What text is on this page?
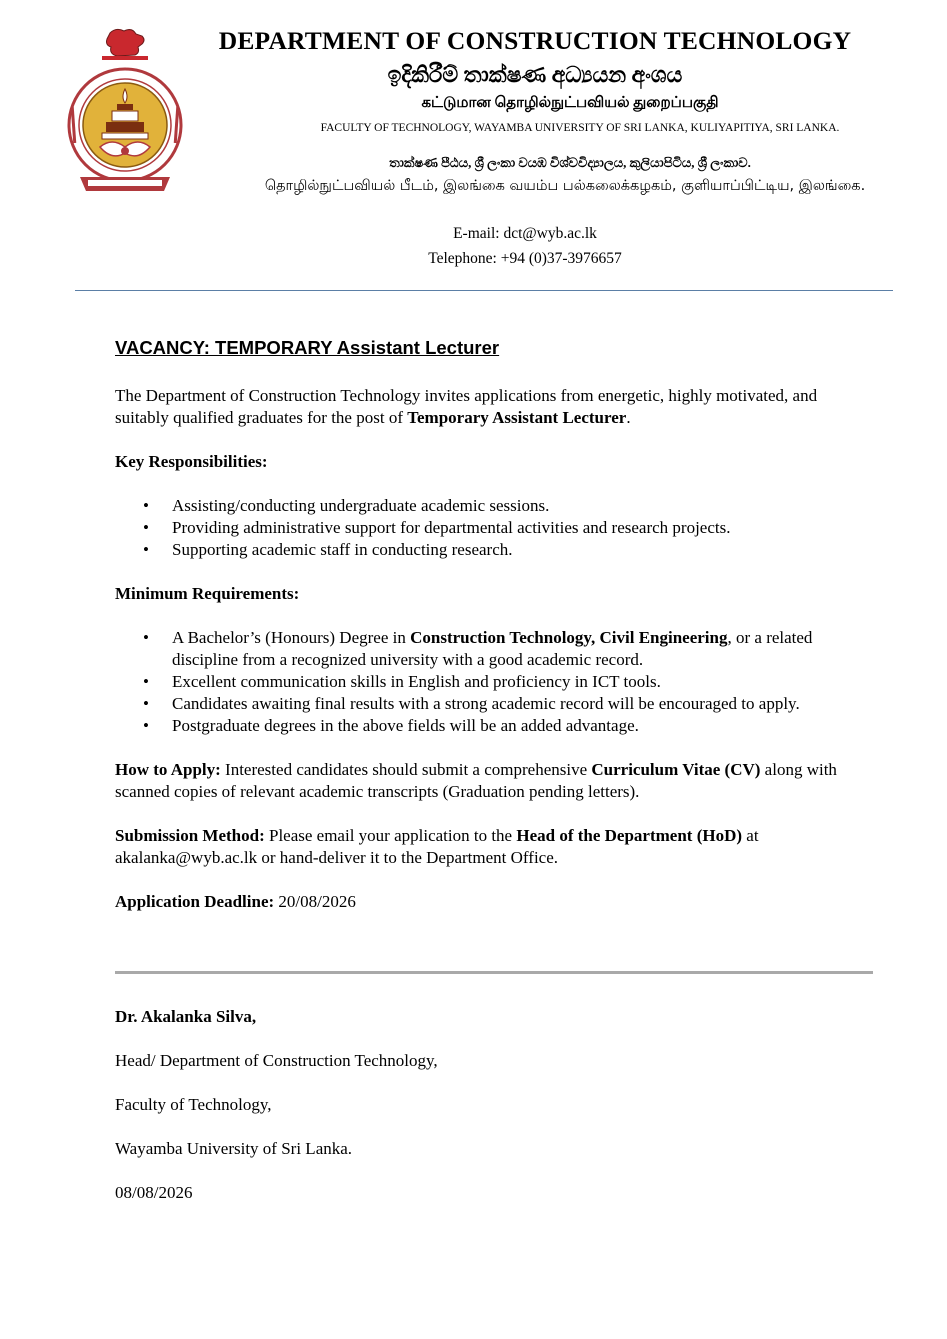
DEPARTMENT OF CONSTRUCTION TECHNOLOGY

ඉදිකිරීම් තාක්ෂණ අධ්‍යයන අංශය

கட்டுமான தொழில்நுட்பவியல் துறைப்பகுதி

FACULTY OF TECHNOLOGY, WAYAMBA UNIVERSITY OF SRI LANKA, KULIYAPITIYA, SRI LANKA.

තාක්ෂණ පීඨය, ශ්‍රී ලංකා වයඹ විශ්වවිද්‍යාලය, කුලියාපිටිය, ශ්‍රී ලංකාව.

தொழில்நுட்பவியல் பீடம், இலங்கை வயம்ப பல்கலைக்கழகம், குளியாப்பிட்டிய, இலங்கை.

E-mail: dct@wyb.ac.lk

Telephone: +94 (0)37-3976657

VACANCY: TEMPORARY Assistant Lecturer

The Department of Construction Technology invites applications from energetic, highly motivated, and suitably qualified graduates for the post of Temporary Assistant Lecturer.

Key Responsibilities:

• Assisting/conducting undergraduate academic sessions.
• Providing administrative support for departmental activities and research projects.
• Supporting academic staff in conducting research.

Minimum Requirements:

• A Bachelor’s (Honours) Degree in Construction Technology, Civil Engineering, or a related discipline from a recognized university with a good academic record.
• Excellent communication skills in English and proficiency in ICT tools.
• Candidates awaiting final results with a strong academic record will be encouraged to apply.
• Postgraduate degrees in the above fields will be an added advantage.

How to Apply: Interested candidates should submit a comprehensive Curriculum Vitae (CV) along with scanned copies of relevant academic transcripts (Graduation pending letters).

Submission Method: Please email your application to the Head of the Department (HoD) at akalanka@wyb.ac.lk or hand-deliver it to the Department Office.

Application Deadline: 20/08/2026

Dr. Akalanka Silva,

Head/ Department of Construction Technology,

Faculty of Technology,

Wayamba University of Sri Lanka.

08/08/2026
